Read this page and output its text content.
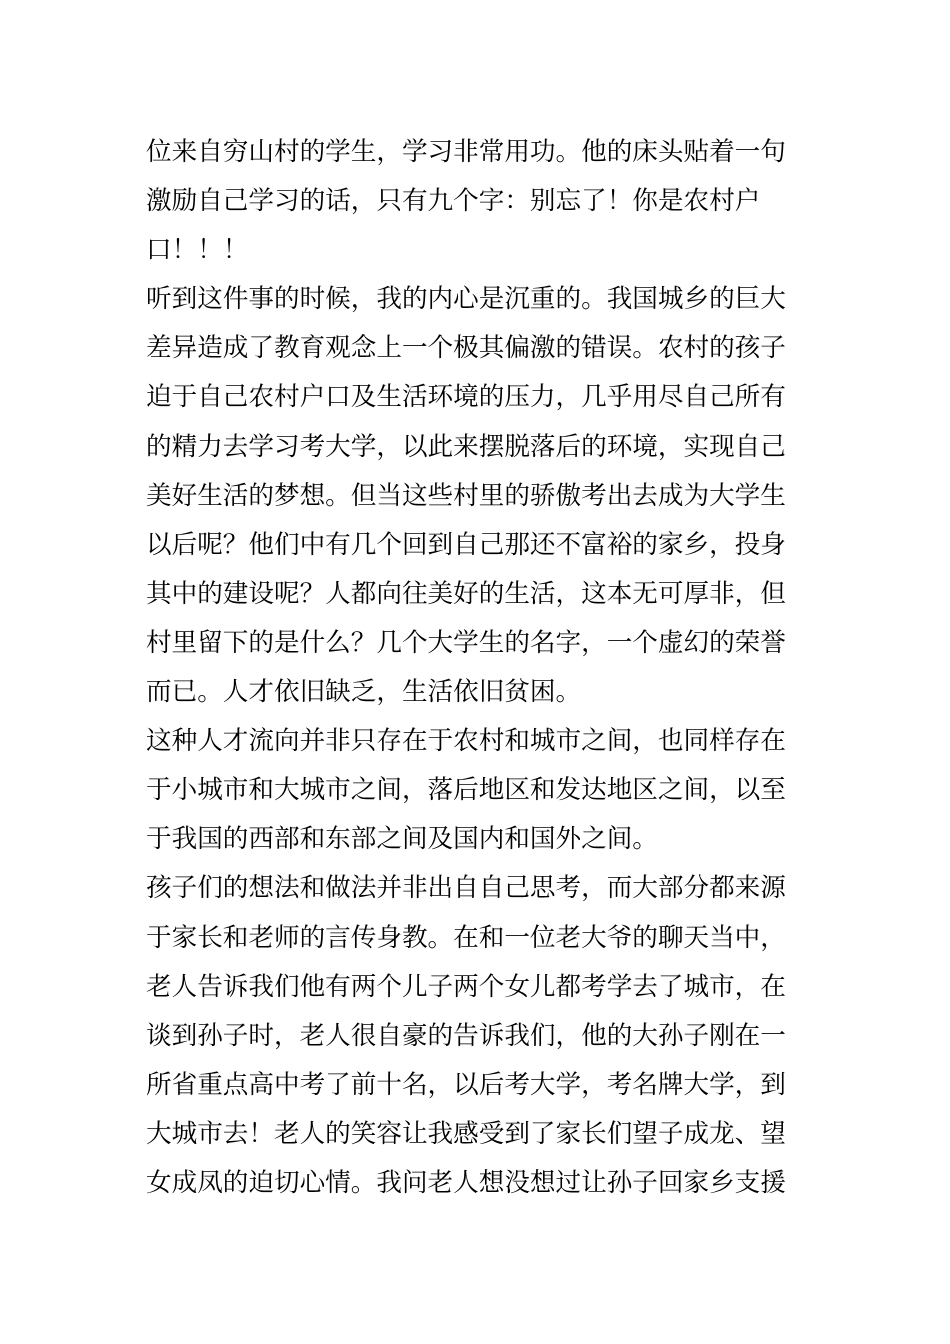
位来自穷山村的学生，学习非常用功。他的床头贴着一句
激励自己学习的话，只有九个字：别忘了！你是农村户
口！！！
听到这件事的时候，我的内心是沉重的。我国城乡的巨大
差异造成了教育观念上一个极其偏激的错误。农村的孩子
迫于自己农村户口及生活环境的压力，几乎用尽自己所有
的精力去学习考大学，以此来摆脱落后的环境，实现自己
美好生活的梦想。但当这些村里的骄傲考出去成为大学生
以后呢？他们中有几个回到自己那还不富裕的家乡，投身
其中的建设呢？人都向往美好的生活，这本无可厚非，但
村里留下的是什么？几个大学生的名字，一个虚幻的荣誉
而已。人才依旧缺乏，生活依旧贫困。
这种人才流向并非只存在于农村和城市之间，也同样存在
于小城市和大城市之间，落后地区和发达地区之间，以至
于我国的西部和东部之间及国内和国外之间。
孩子们的想法和做法并非出自自己思考，而大部分都来源
于家长和老师的言传身教。在和一位老大爷的聊天当中，
老人告诉我们他有两个儿子两个女儿都考学去了城市，在
谈到孙子时，老人很自豪的告诉我们，他的大孙子刚在一
所省重点高中考了前十名，以后考大学，考名牌大学，到
大城市去！老人的笑容让我感受到了家长们望子成龙、望
女成凤的迫切心情。我问老人想没想过让孙子回家乡支援
